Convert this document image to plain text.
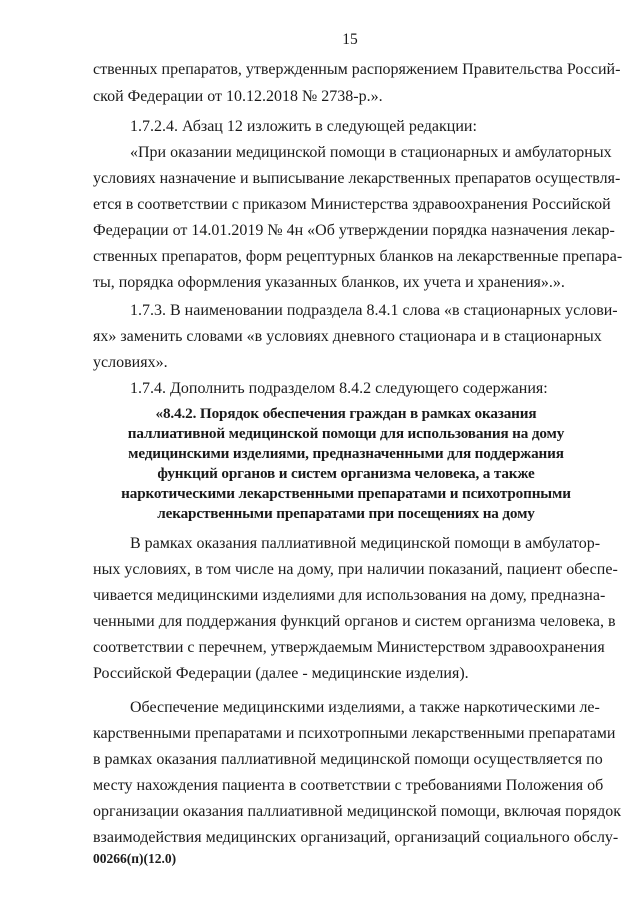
15
ственных препаратов, утвержденным распоряжением Правительства Россий-
ской Федерации от 10.12.2018 № 2738-р.».
1.7.2.4. Абзац 12 изложить в следующей редакции:
«При оказании медицинской помощи в стационарных и амбулаторных
условиях назначение и выписывание лекарственных препаратов осуществля-
ется в соответствии с приказом Министерства здравоохранения Российской
Федерации от 14.01.2019 № 4н «Об утверждении порядка назначения лекар-
ственных препаратов, форм рецептурных бланков на лекарственные препара-
ты, порядка оформления указанных бланков, их учета и хранения».».
1.7.3. В наименовании подраздела 8.4.1 слова «в стационарных услови-
ях» заменить словами «в условиях дневного стационара и в стационарных
условиях».
1.7.4. Дополнить подразделом 8.4.2 следующего содержания:
«8.4.2. Порядок обеспечения граждан в рамках оказания
паллиативной медицинской помощи для использования на дому
медицинскими изделиями, предназначенными для поддержания
функций органов и систем организма человека, а также
наркотическими лекарственными препаратами и психотропными
лекарственными препаратами при посещениях на дому
В рамках оказания паллиативной медицинской помощи в амбулатор-
ных условиях, в том числе на дому, при наличии показаний, пациент обеспе-
чивается медицинскими изделиями для использования на дому, предназна-
ченными для поддержания функций органов и систем организма человека, в
соответствии с перечнем, утверждаемым Министерством здравоохранения
Российской Федерации (далее - медицинские изделия).
Обеспечение медицинскими изделиями, а также наркотическими ле-
карственными препаратами и психотропными лекарственными препаратами
в рамках оказания паллиативной медицинской помощи осуществляется по
месту нахождения пациента в соответствии с требованиями Положения об
организации оказания паллиативной медицинской помощи, включая порядок
взаимодействия медицинских организаций, организаций социального обслу-
00266(п)(12.0)
